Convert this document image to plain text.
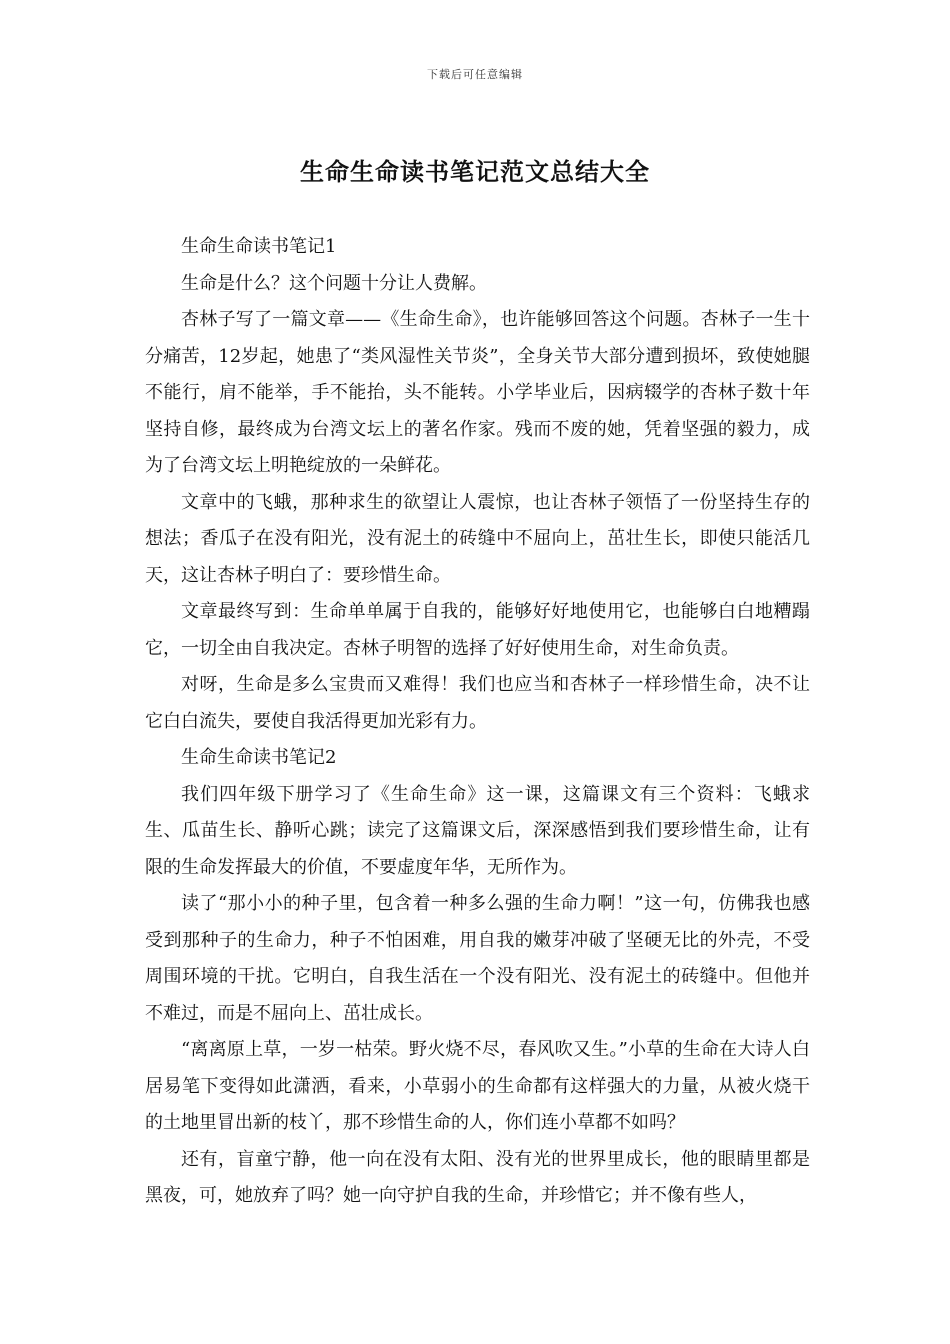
下载后可任意编辑
生命生命读书笔记范文总结大全

生命生命读书笔记1

生命是什么？这个问题十分让人费解。

杏林子写了一篇文章——《生命生命》，也许能够回答这个问题。杏林子一生十分痛苦，12岁起，她患了“类风湿性关节炎”，全身关节大部分遭到损坏，致使她腿不能行，肩不能举，手不能抬，头不能转。小学毕业后，因病辍学的杏林子数十年坚持自修，最终成为台湾文坛上的著名作家。残而不废的她，凭着坚强的毅力，成为了台湾文坛上明艳绽放的一朵鲜花。

文章中的飞蛾，那种求生的欲望让人震惊，也让杏林子领悟了一份坚持生存的想法；香瓜子在没有阳光，没有泥土的砖缝中不屈向上，茁壮生长，即使只能活几天，这让杏林子明白了：要珍惜生命。

文章最终写到：生命单单属于自我的，能够好好地使用它，也能够白白地糟蹋它，一切全由自我决定。杏林子明智的选择了好好使用生命，对生命负责。

对呀，生命是多么宝贵而又难得！我们也应当和杏林子一样珍惜生命，决不让它白白流失，要使自我活得更加光彩有力。

生命生命读书笔记2

我们四年级下册学习了《生命生命》这一课，这篇课文有三个资料：飞蛾求生、瓜苗生长、静听心跳；读完了这篇课文后，深深感悟到我们要珍惜生命，让有限的生命发挥最大的价值，不要虚度年华，无所作为。

读了“那小小的种子里，包含着一种多么强的生命力啊！”这一句，仿佛我也感受到那种子的生命力，种子不怕困难，用自我的嫩芽冲破了坚硬无比的外壳，不受周围环境的干扰。它明白，自我生活在一个没有阳光、没有泥土的砖缝中。但他并不难过，而是不屈向上、茁壮成长。

“离离原上草，一岁一枯荣。野火烧不尽，春风吹又生。”小草的生命在大诗人白居易笔下变得如此潇洒，看来，小草弱小的生命都有这样强大的力量，从被火烧干的土地里冒出新的枝丫，那不珍惜生命的人，你们连小草都不如吗？

还有，盲童宁静，他一向在没有太阳、没有光的世界里成长，他的眼睛里都是黑夜，可，她放弃了吗？她一向守护自我的生命，并珍惜它；并不像有些人，
